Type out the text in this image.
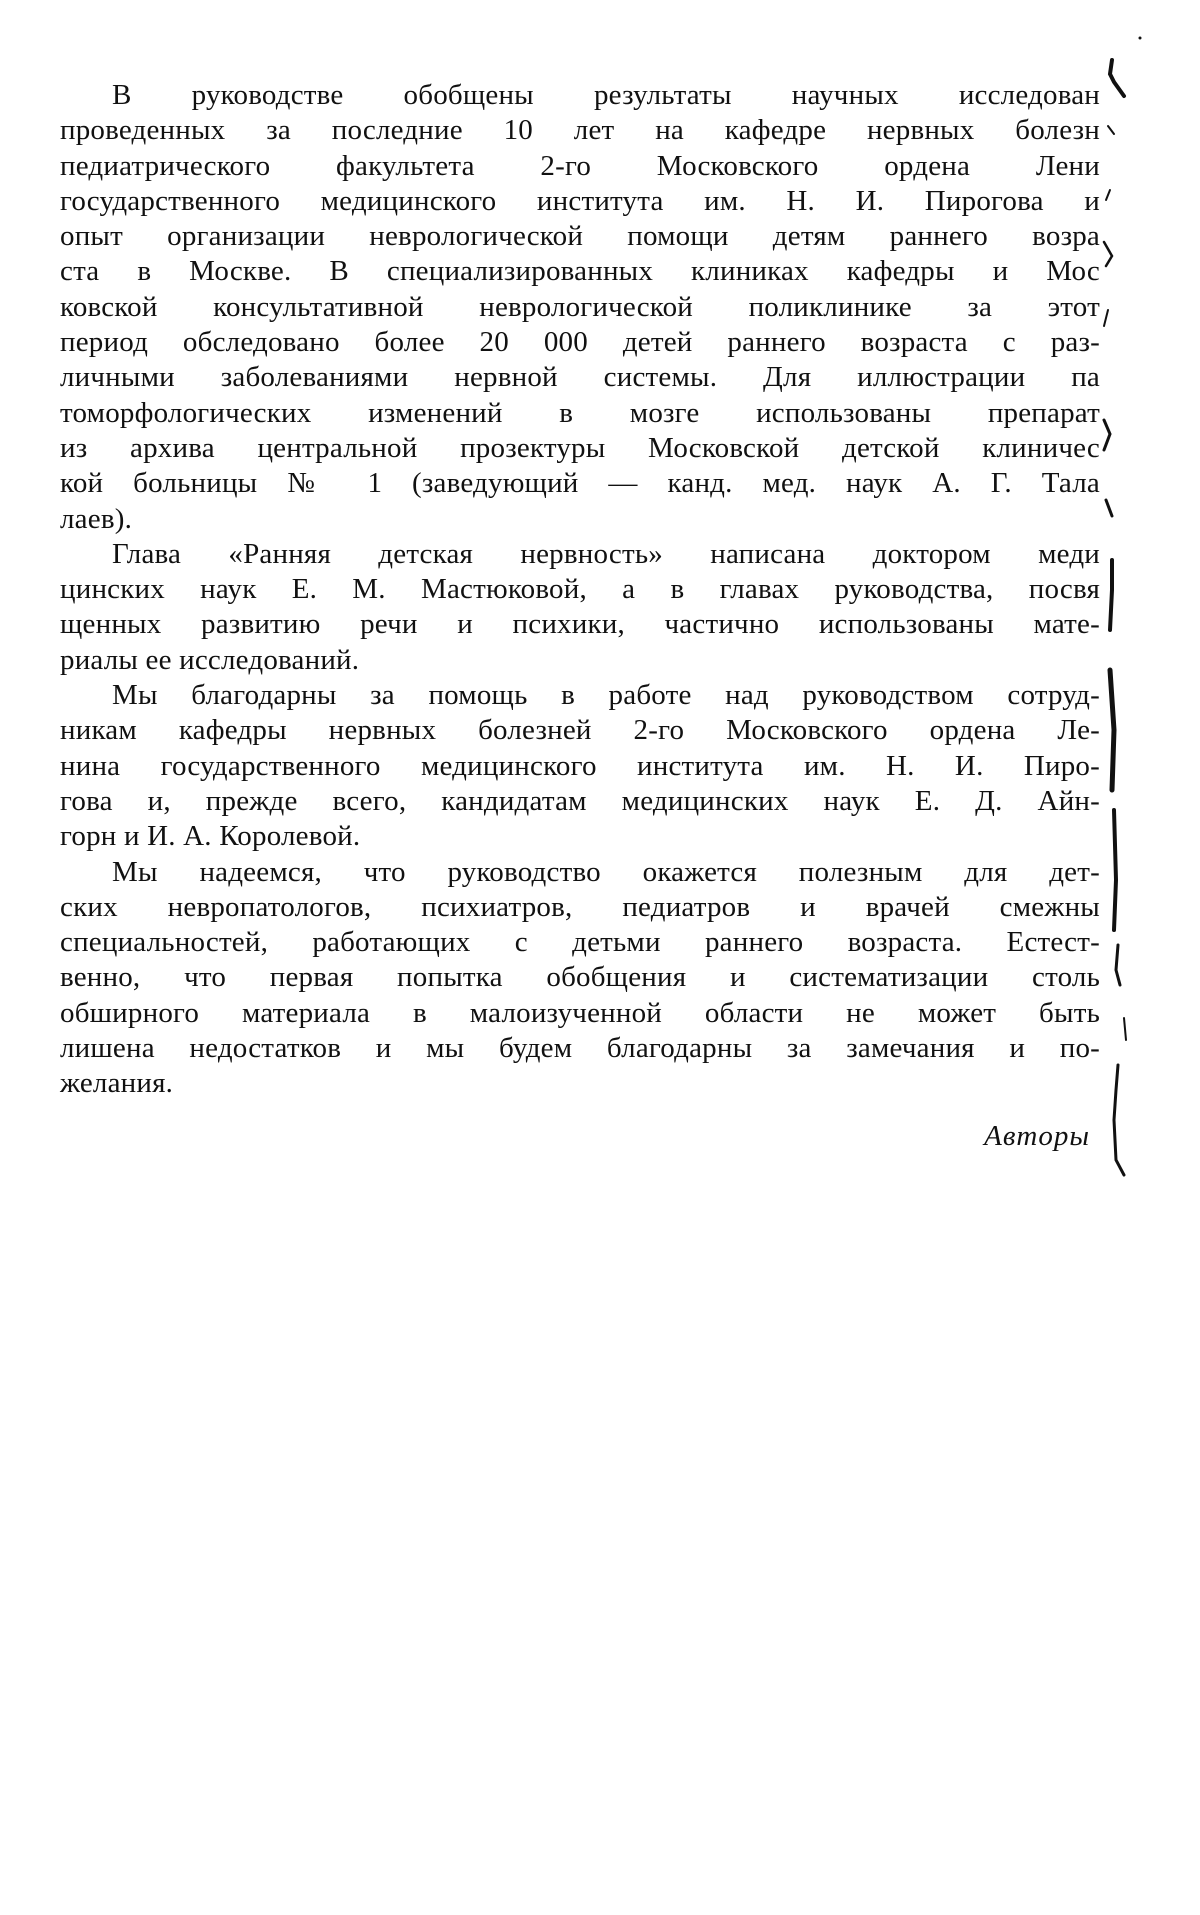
В руководстве обобщены результаты научных исследован
проведенных за последние 10 лет на кафедре нервных болезн
педиатрического факультета 2-го Московского ордена Лени
государственного медицинского института им. Н. И. Пирогова и
опыт организации неврологической помощи детям раннего возра
ста в Москве. В специализированных клиниках кафедры и Мос
ковской консультативной неврологической поликлинике за этот
период обследовано более 20 000 детей раннего возраста с раз-
личными заболеваниями нервной системы. Для иллюстрации па
томорфологических изменений в мозге использованы препарат
из архива центральной прозектуры Московской детской клиничес
кой больницы № 1 (заведующий — канд. мед. наук А. Г. Тала
лаев).
Глава «Ранняя детская нервность» написана доктором меди
цинских наук Е. М. Мастюковой, а в главах руководства, посвя
щенных развитию речи и психики, частично использованы мате-
риалы ее исследований.
Мы благодарны за помощь в работе над руководством сотруд-
никам кафедры нервных болезней 2-го Московского ордена Ле-
нина государственного медицинского института им. Н. И. Пиро-
гова и, прежде всего, кандидатам медицинских наук Е. Д. Айн-
горн и И. А. Королевой.
Мы надеемся, что руководство окажется полезным для дет-
ских невропатологов, психиатров, педиатров и врачей смежны
специальностей, работающих с детьми раннего возраста. Естест-
венно, что первая попытка обобщения и систематизации столь
обширного материала в малоизученной области не может быть
лишена недостатков и мы будем благодарны за замечания и по-
желания.
Авторы
